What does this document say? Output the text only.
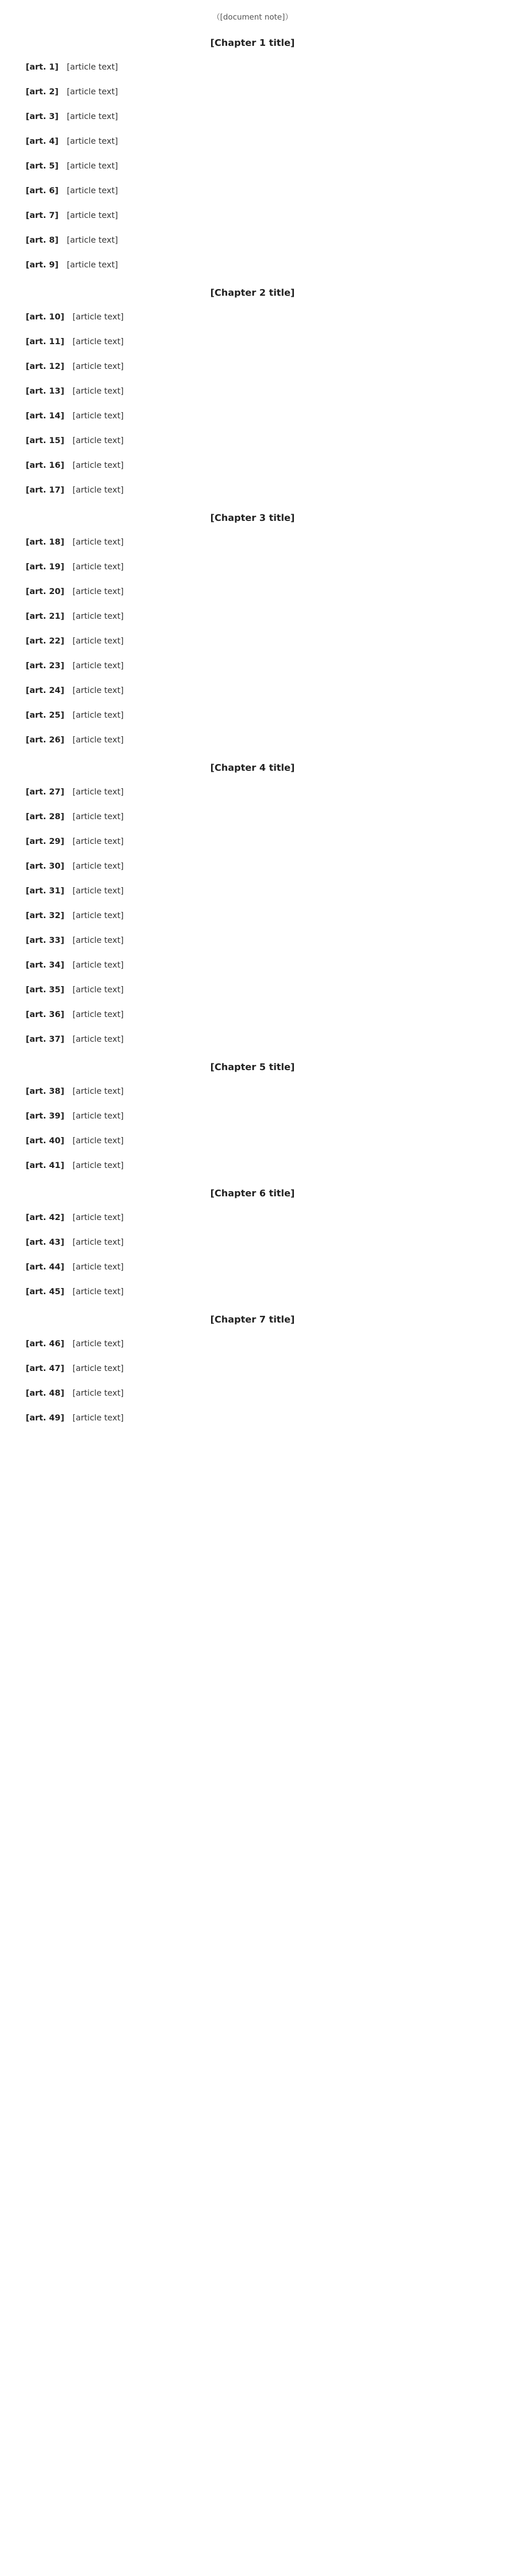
（[document note]）

[Chapter 1 title]

[art. 1]　 [article text]

[art. 2]　 [article text]

[art. 3]　 [article text]

[art. 4]　 [article text]

[art. 5]　 [article text]

[art. 6]　 [article text]

[art. 7]　 [article text]

[art. 8]　 [article text]

[art. 9]　 [article text]

[Chapter 2 title]

[art. 10]　 [article text]

[art. 11]　 [article text]

[art. 12]　 [article text]

[art. 13]　 [article text]

[art. 14]　 [article text]

[art. 15]　 [article text]

[art. 16]　 [article text]

[art. 17]　 [article text]

[Chapter 3 title]

[art. 18]　 [article text]

[art. 19]　 [article text]

[art. 20]　 [article text]

[art. 21]　 [article text]

[art. 22]　 [article text]

[art. 23]　 [article text]

[art. 24]　 [article text]

[art. 25]　 [article text]

[art. 26]　 [article text]

[Chapter 4 title]

[art. 27]　 [article text]

[art. 28]　 [article text]

[art. 29]　 [article text]

[art. 30]　 [article text]

[art. 31]　 [article text]

[art. 32]　 [article text]

[art. 33]　 [article text]

[art. 34]　 [article text]

[art. 35]　 [article text]

[art. 36]　 [article text]

[art. 37]　 [article text]

[Chapter 5 title]

[art. 38]　 [article text]

[art. 39]　 [article text]

[art. 40]　 [article text]

[art. 41]　 [article text]

[Chapter 6 title]

[art. 42]　 [article text]

[art. 43]　 [article text]

[art. 44]　 [article text]

[art. 45]　 [article text]

[Chapter 7 title]

[art. 46]　 [article text]

[art. 47]　 [article text]

[art. 48]　 [article text]

[art. 49]　 [article text]
